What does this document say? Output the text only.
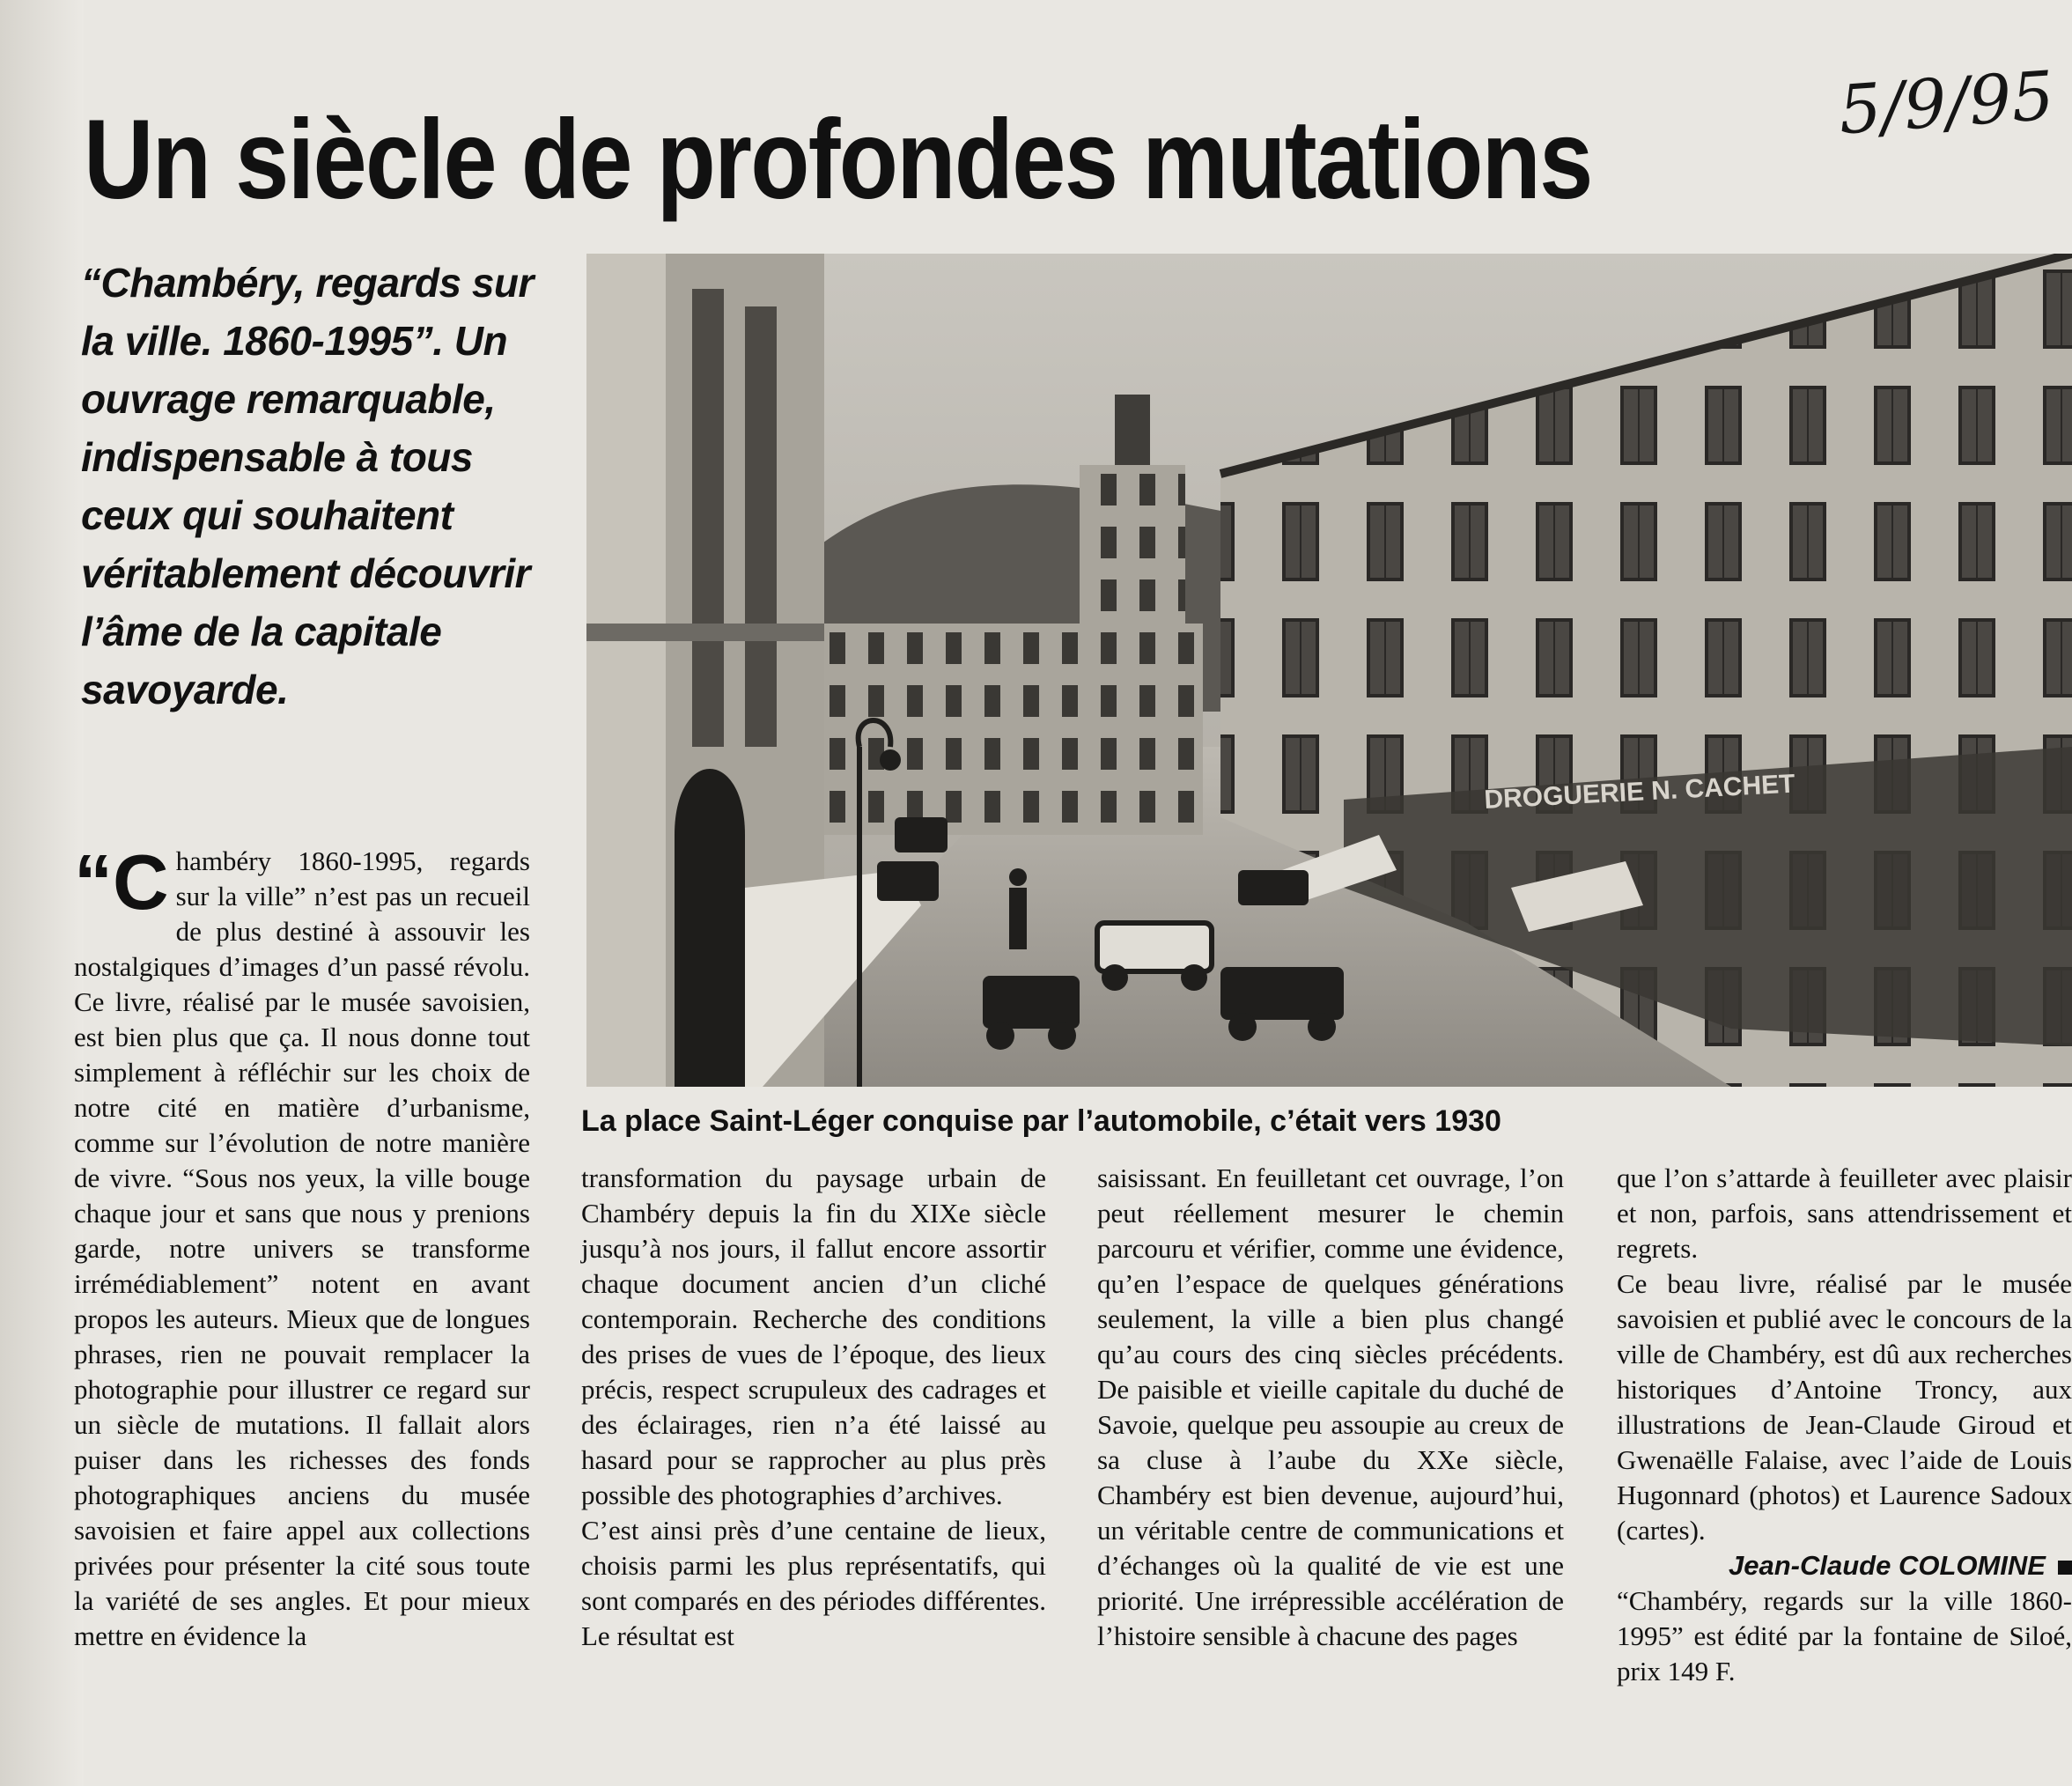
Un siècle de profondes mutations	5/9/95

“Chambéry, regards sur la ville. 1860-1995”. Un ouvrage remarquable, indispensable à tous ceux qui souhaitent véritablement découvrir l’âme de la capitale savoyarde.

“C hambéry 1860-1995, regards sur la ville” n’est pas un recueil de plus destiné à assouvir les nostalgiques d’images d’un passé révolu. Ce livre, réalisé par le musée savoisien, est bien plus que ça. Il nous donne tout simplement à réfléchir sur les choix de notre cité en matière d’urbanisme, comme sur l’évolution de notre manière de vivre. “Sous nos yeux, la ville bouge chaque jour et sans que nous y prenions garde, notre univers se transforme irrémédiablement” notent en avant propos les auteurs. Mieux que de longues phrases, rien ne pouvait remplacer la photographie pour illustrer ce regard sur un siècle de mutations. Il fallait alors puiser dans les richesses des fonds photographiques anciens du musée savoisien et faire appel aux collections privées pour présenter la cité sous toute la variété de ses angles. Et pour mieux mettre en évidence la

DROGUERIE N. CACHET

La place Saint-Léger conquise par l’automobile, c’était vers 1930

transformation du paysage urbain de Chambéry depuis la fin du XIXe siècle jusqu’à nos jours, il fallut encore assortir chaque document ancien d’un cliché contemporain. Recherche des conditions des prises de vues de l’époque, des lieux précis, respect scrupuleux des cadrages et des éclairages, rien n’a été laissé au hasard pour se rapprocher au plus près possible des photographies d’archives.

C’est ainsi près d’une centaine de lieux, choisis parmi les plus représentatifs, qui sont comparés en des périodes différentes. Le résultat est

saisissant. En feuilletant cet ouvrage, l’on peut réellement mesurer le chemin parcouru et vérifier, comme une évidence, qu’en l’espace de quelques générations seulement, la ville a bien plus changé qu’au cours des cinq siècles précédents. De paisible et vieille capitale du duché de Savoie, quelque peu assoupie au creux de sa cluse à l’aube du XXe siècle, Chambéry est bien devenue, aujourd’hui, un véritable centre de communications et d’échanges où la qualité de vie est une priorité. Une irrépressible accélération de l’histoire sensible à chacune des pages

que l’on s’attarde à feuilleter avec plaisir et non, parfois, sans attendrissement et regrets.

Ce beau livre, réalisé par le musée savoisien et publié avec le concours de la ville de Chambéry, est dû aux recherches historiques d’Antoine Troncy, aux illustrations de Jean-Claude Giroud et Gwenaëlle Falaise, avec l’aide de Louis Hugonnard (photos) et Laurence Sadoux (cartes).

Jean-Claude COLOMINE

“Chambéry, regards sur la ville 1860-1995” est édité par la fontaine de Siloé, prix 149 F.
